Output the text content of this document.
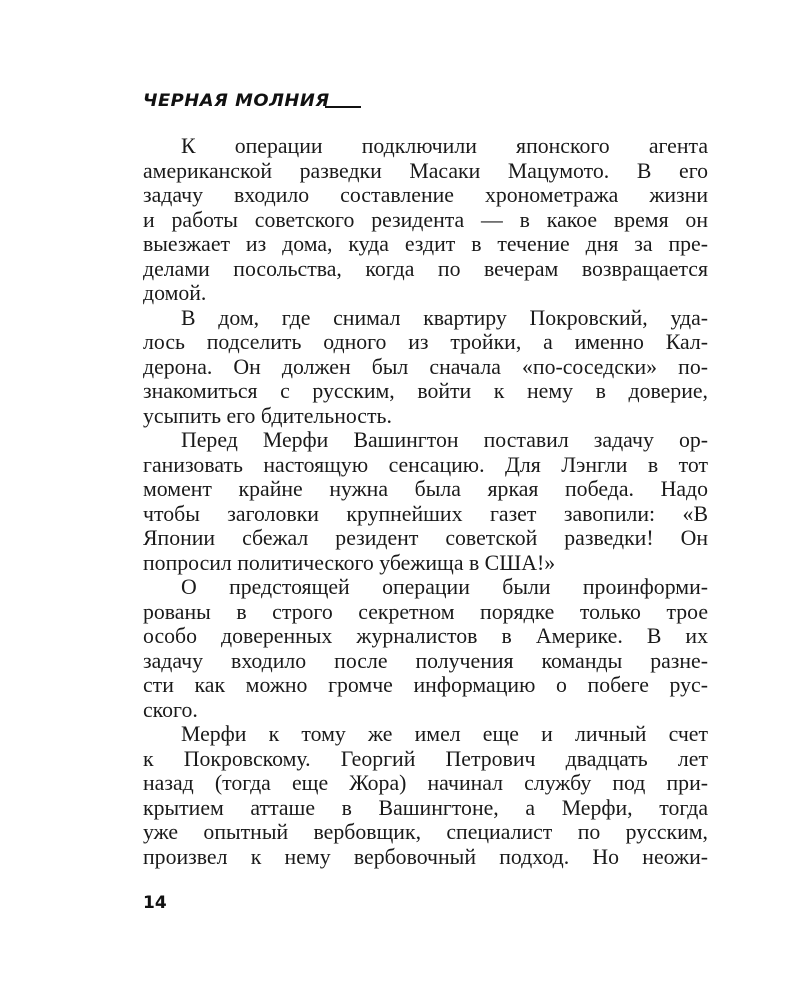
ЧЕРНАЯ МОЛНИЯ
К операции подключили японского агента
американской разведки Масаки Мацумото. В его
задачу входило составление хронометража жизни
и работы советского резидента — в какое время он
выезжает из дома, куда ездит в течение дня за пре-
делами посольства, когда по вечерам возвращается
домой.
В дом, где снимал квартиру Покровский, уда-
лось подселить одного из тройки, а именно Кал-
дерона. Он должен был сначала «по-соседски» по-
знакомиться с русским, войти к нему в доверие,
усыпить его бдительность.
Перед Мерфи Вашингтон поставил задачу ор-
ганизовать настоящую сенсацию. Для Лэнгли в тот
момент крайне нужна была яркая победа. Надо
чтобы заголовки крупнейших газет завопили: «В
Японии сбежал резидент советской разведки! Он
попросил политического убежища в США!»
О предстоящей операции были проинформи-
рованы в строго секретном порядке только трое
особо доверенных журналистов в Америке. В их
задачу входило после получения команды разне-
сти как можно громче информацию о побеге рус-
ского.
Мерфи к тому же имел еще и личный счет
к Покровскому. Георгий Петрович двадцать лет
назад (тогда еще Жора) начинал службу под при-
крытием атташе в Вашингтоне, а Мерфи, тогда
уже опытный вербовщик, специалист по русским,
произвел к нему вербовочный подход. Но неожи-
14
